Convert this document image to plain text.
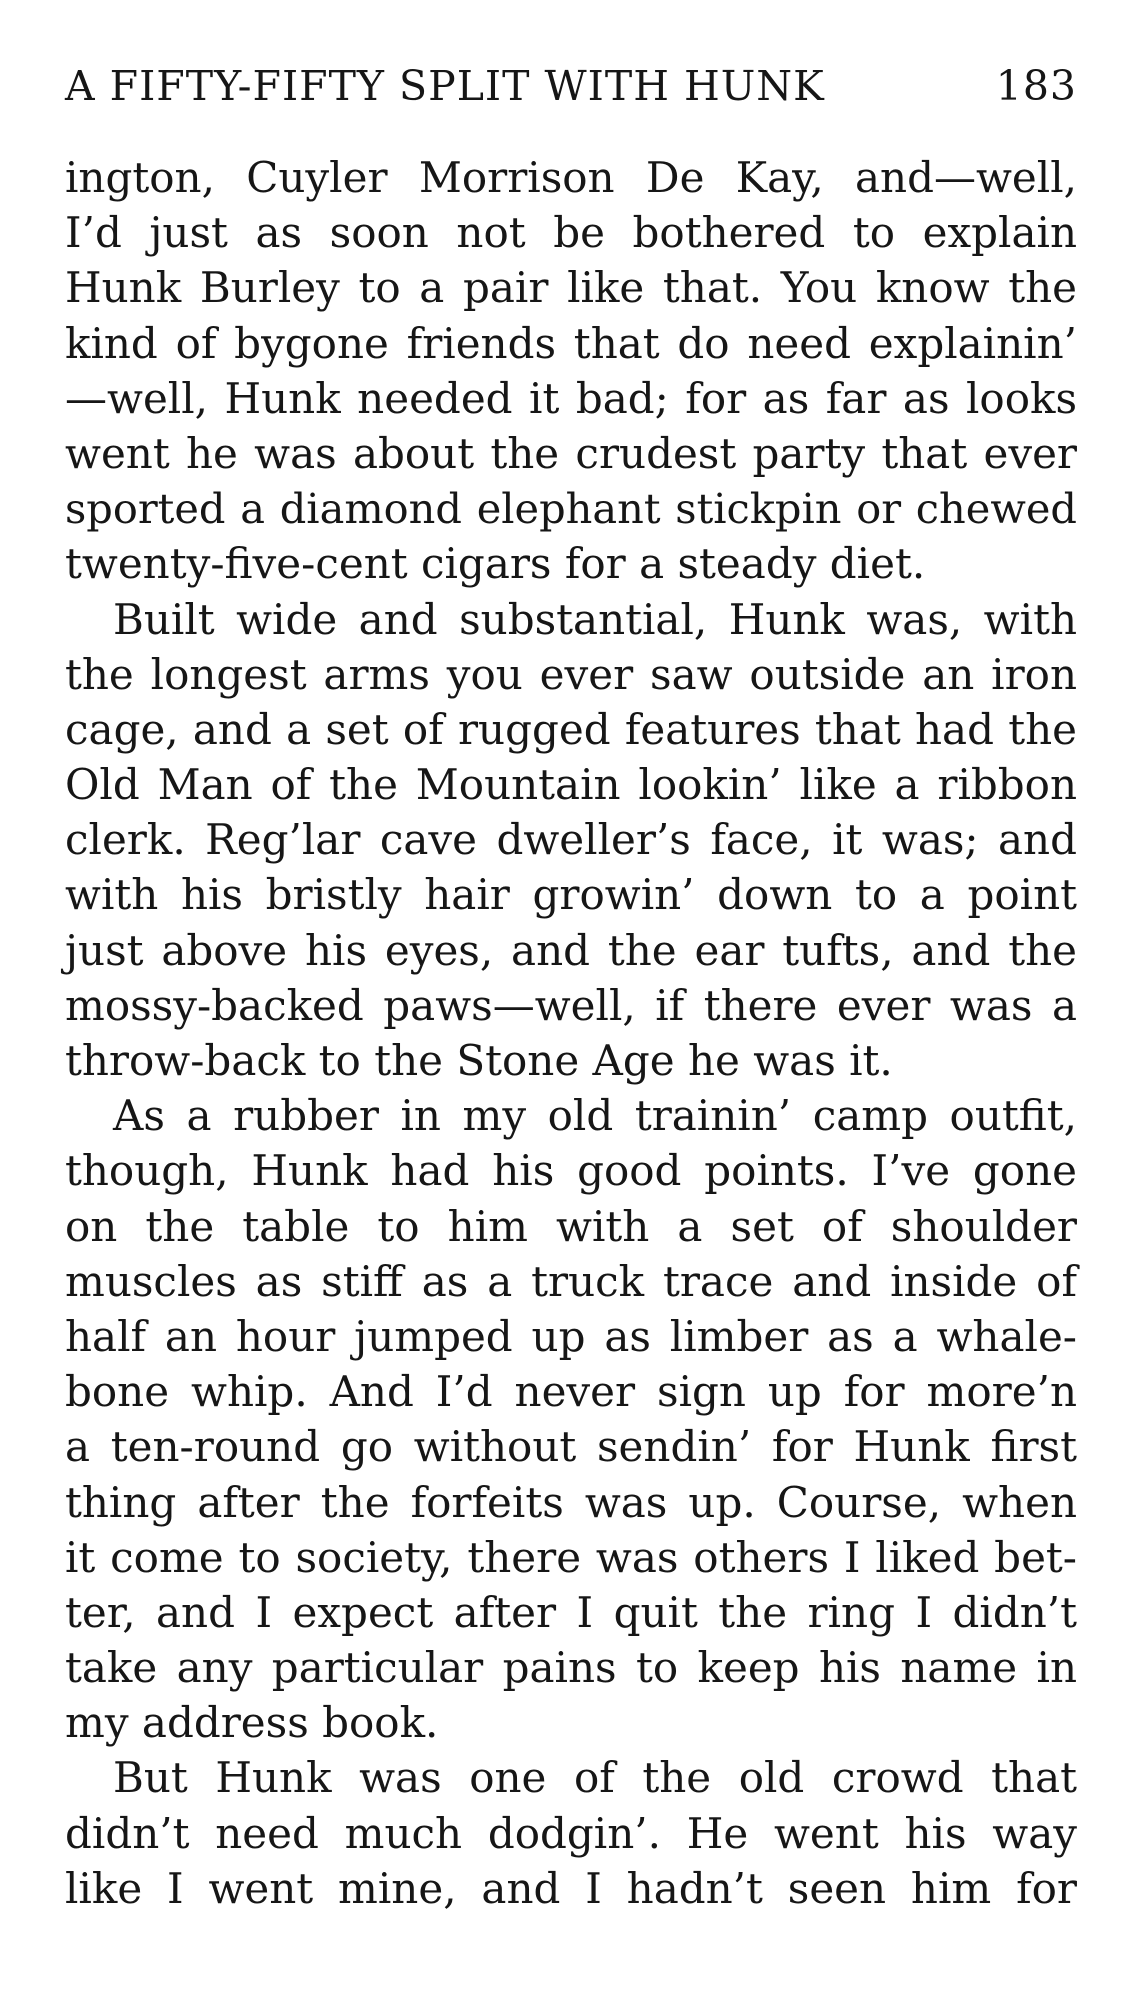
A FIFTY-FIFTY SPLIT WITH HUNK	183
ington, Cuyler Morrison De Kay, and—well,
I’d just as soon not be bothered to explain
Hunk Burley to a pair like that. You know the
kind of bygone friends that do need explainin’
—well, Hunk needed it bad; for as far as looks
went he was about the crudest party that ever
sported a diamond elephant stickpin or chewed
twenty-five-cent cigars for a steady diet.
Built wide and substantial, Hunk was, with
the longest arms you ever saw outside an iron
cage, and a set of rugged features that had the
Old Man of the Mountain lookin’ like a ribbon
clerk. Reg’lar cave dweller’s face, it was; and
with his bristly hair growin’ down to a point
just above his eyes, and the ear tufts, and the
mossy-backed paws—well, if there ever was a
throw-back to the Stone Age he was it.
As a rubber in my old trainin’ camp outfit,
though, Hunk had his good points. I’ve gone
on the table to him with a set of shoulder
muscles as stiff as a truck trace and inside of
half an hour jumped up as limber as a whale-
bone whip. And I’d never sign up for more’n
a ten-round go without sendin’ for Hunk first
thing after the forfeits was up. Course, when
it come to society, there was others I liked bet-
ter, and I expect after I quit the ring I didn’t
take any particular pains to keep his name in
my address book.
But Hunk was one of the old crowd that
didn’t need much dodgin’. He went his way
like I went mine, and I hadn’t seen him for
